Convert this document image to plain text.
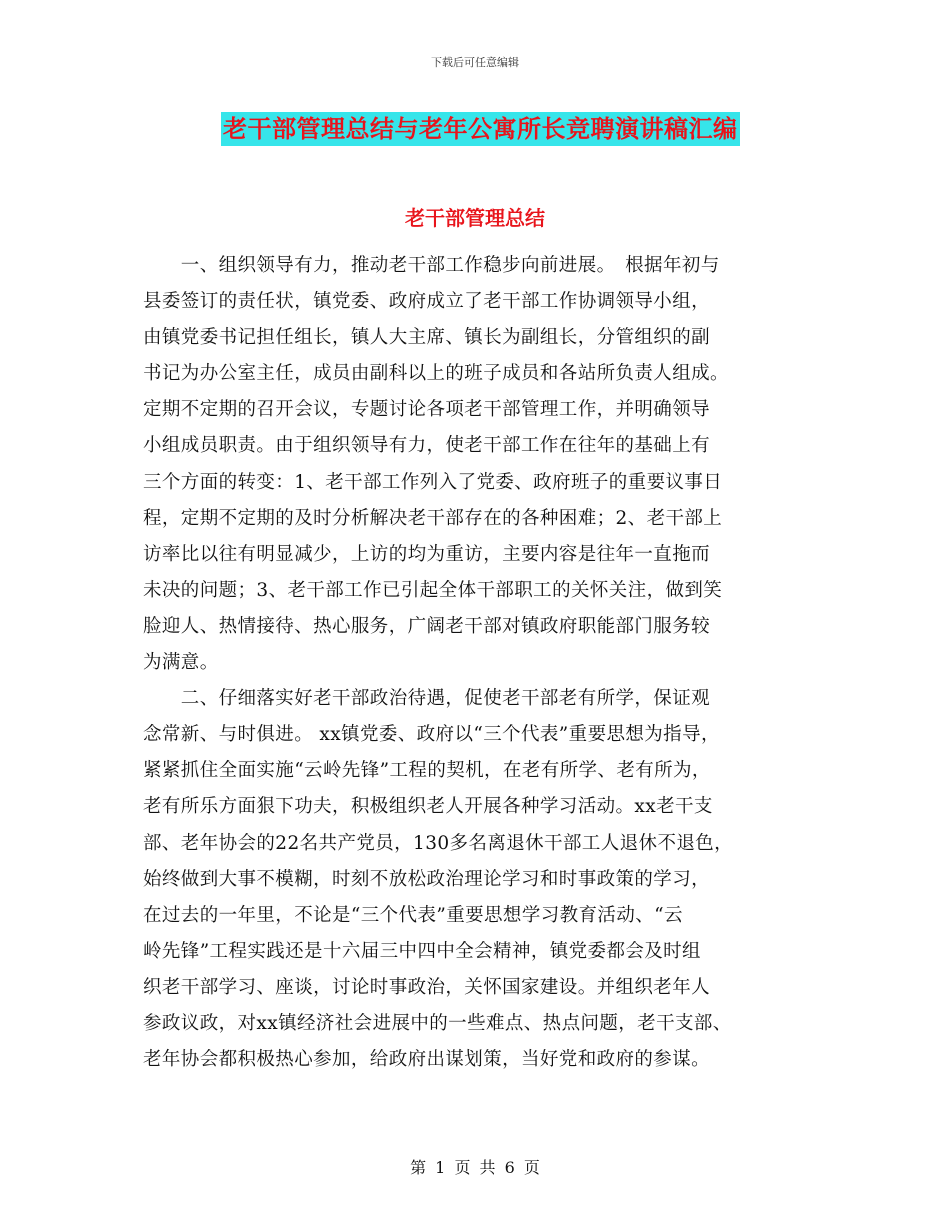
下载后可任意编辑
老干部管理总结与老年公寓所长竞聘演讲稿汇编
老干部管理总结
　　一、组织领导有力，推动老干部工作稳步向前进展。　根据年初与
县委签订的责任状，镇党委、政府成立了老干部工作协调领导小组，
由镇党委书记担任组长，镇人大主席、镇长为副组长，分管组织的副
书记为办公室主任，成员由副科以上的班子成员和各站所负责人组成。
定期不定期的召开会议，专题讨论各项老干部管理工作，并明确领导
小组成员职责。由于组织领导有力，使老干部工作在往年的基础上有
三个方面的转变：1、老干部工作列入了党委、政府班子的重要议事日
程，定期不定期的及时分析解决老干部存在的各种困难；2、老干部上
访率比以往有明显减少，上访的均为重访，主要内容是往年一直拖而
未决的问题；3、老干部工作已引起全体干部职工的关怀关注，做到笑
脸迎人、热情接待、热心服务，广阔老干部对镇政府职能部门服务较
为满意。
　　二、仔细落实好老干部政治待遇，促使老干部老有所学，保证观
念常新、与时俱进。 xx镇党委、政府以“三个代表”重要思想为指导，
紧紧抓住全面实施“云岭先锋”工程的契机，在老有所学、老有所为，
老有所乐方面狠下功夫，积极组织老人开展各种学习活动。xx老干支
部、老年协会的22名共产党员，130多名离退休干部工人退休不退色，
始终做到大事不模糊，时刻不放松政治理论学习和时事政策的学习，
在过去的一年里，不论是“三个代表”重要思想学习教育活动、“云
岭先锋”工程实践还是十六届三中四中全会精神，镇党委都会及时组
织老干部学习、座谈，讨论时事政治，关怀国家建设。并组织老年人
参政议政，对xx镇经济社会进展中的一些难点、热点问题，老干支部、
老年协会都积极热心参加，给政府出谋划策，当好党和政府的参谋。
第 1 页 共 6 页
